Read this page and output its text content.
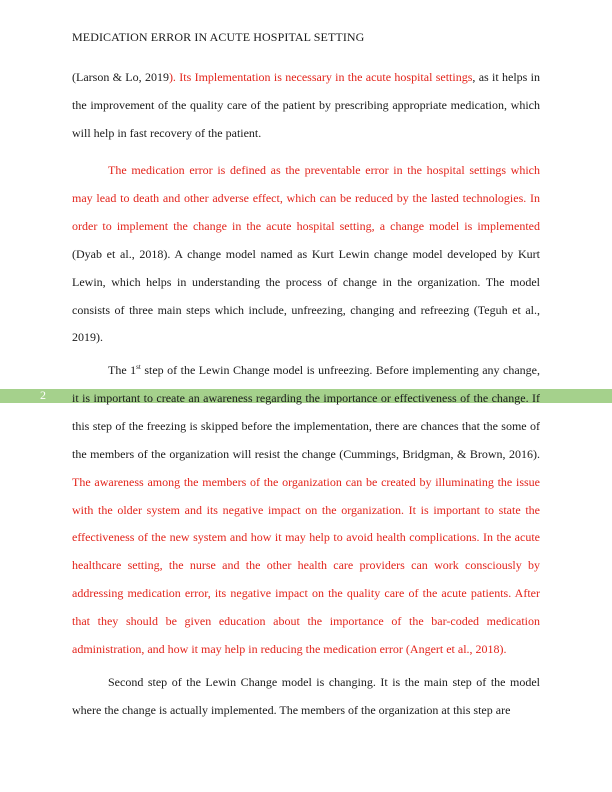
MEDICATION ERROR IN ACUTE HOSPITAL SETTING
2

(Larson & Lo, 2019). Its Implementation is necessary in the acute hospital settings, as it helps in the improvement of the quality care of the patient by prescribing appropriate medication, which will help in fast recovery of the patient.

The medication error is defined as the preventable error in the hospital settings which may lead to death and other adverse effect, which can be reduced by the lasted technologies. In order to implement the change in the acute hospital setting, a change model is implemented (Dyab et al., 2018). A change model named as Kurt Lewin change model developed by Kurt Lewin, which helps in understanding the process of change in the organization. The model consists of three main steps which include, unfreezing, changing and refreezing (Teguh et al., 2019).

The 1st step of the Lewin Change model is unfreezing. Before implementing any change, it is important to create an awareness regarding the importance or effectiveness of the change. If this step of the freezing is skipped before the implementation, there are chances that the some of the members of the organization will resist the change (Cummings, Bridgman, & Brown, 2016). The awareness among the members of the organization can be created by illuminating the issue with the older system and its negative impact on the organization. It is important to state the effectiveness of the new system and how it may help to avoid health complications. In the acute healthcare setting, the nurse and the other health care providers can work consciously by addressing medication error, its negative impact on the quality care of the acute patients. After that they should be given education about the importance of the bar-coded medication administration, and how it may help in reducing the medication error (Angert et al., 2018).

Second step of the Lewin Change model is changing. It is the main step of the model where the change is actually implemented. The members of the organization at this step are
